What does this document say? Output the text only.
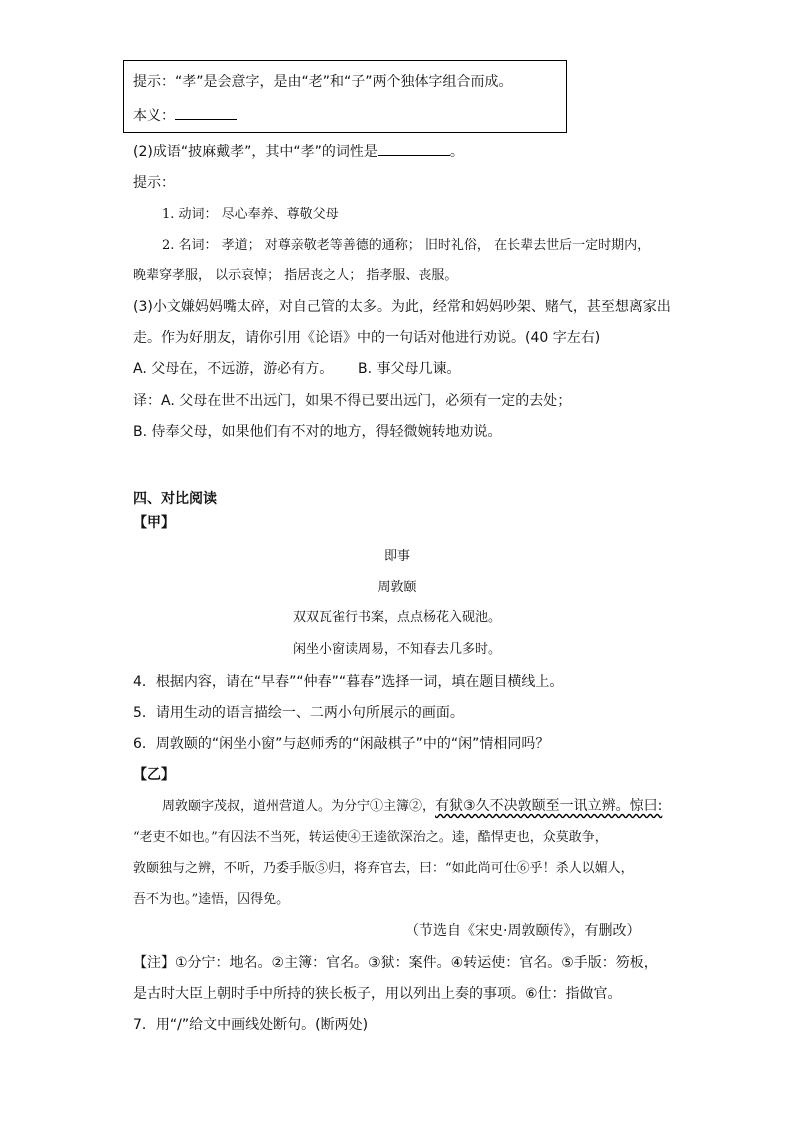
提示：“孝”是会意字，是由“老”和“子”两个独体字组合而成。
本义：
(2)成语“披麻戴孝”，其中“孝”的词性是	。
提示：
1. 动词： 尽心奉养、尊敬父母
2. 名词： 孝道； 对尊亲敬老等善德的通称； 旧时礼俗， 在长辈去世后一定时期内，
晚辈穿孝服， 以示哀悼； 指居丧之人； 指孝服、丧服。
(3)小文嫌妈妈嘴太碎，对自己管的太多。为此，经常和妈妈吵架、赌气，甚至想离家出
走。作为好朋友，请你引用《论语》中的一句话对他进行劝说。(40 字左右)
A. 父母在，不远游，游必有方。 B. 事父母几谏。
译：A. 父母在世不出远门，如果不得已要出远门，必须有一定的去处；
B. 侍奉父母，如果他们有不对的地方，得轻微婉转地劝说。
四、对比阅读
【甲】
即事
周敦颐
双双瓦雀行书案，点点杨花入砚池。
闲坐小窗读周易，不知春去几多时。
4．根据内容，请在“早春”“仲春”“暮春”选择一词，填在题目横线上。
5．请用生动的语言描绘一、二两小句所展示的画面。
6．周敦颐的“闲坐小窗”与赵师秀的“闲敲棋子”中的“闲”情相同吗？
【乙】
周敦颐字茂叔，道州营道人。为分宁①主簿②，有狱③久不决敦颐至一讯立辨。惊曰:
“老吏不如也。”有囚法不当死，转运使④王逵欲深治之。逵，酷悍吏也，众莫敢争，
敦颐独与之辨，不听，乃委手版⑤归，将弃官去，曰：“如此尚可仕⑥乎！杀人以媚人，
吾不为也。”逵悟，囚得免。
（节选自《宋史·周敦颐传》，有删改）
【注】①分宁：地名。②主簿：官名。③狱：案件。④转运使：官名。⑤手版：笏板，
是古时大臣上朝时手中所持的狭长板子，用以列出上奏的事项。⑥仕：指做官。
7．用“/”给文中画线处断句。(断两处)
